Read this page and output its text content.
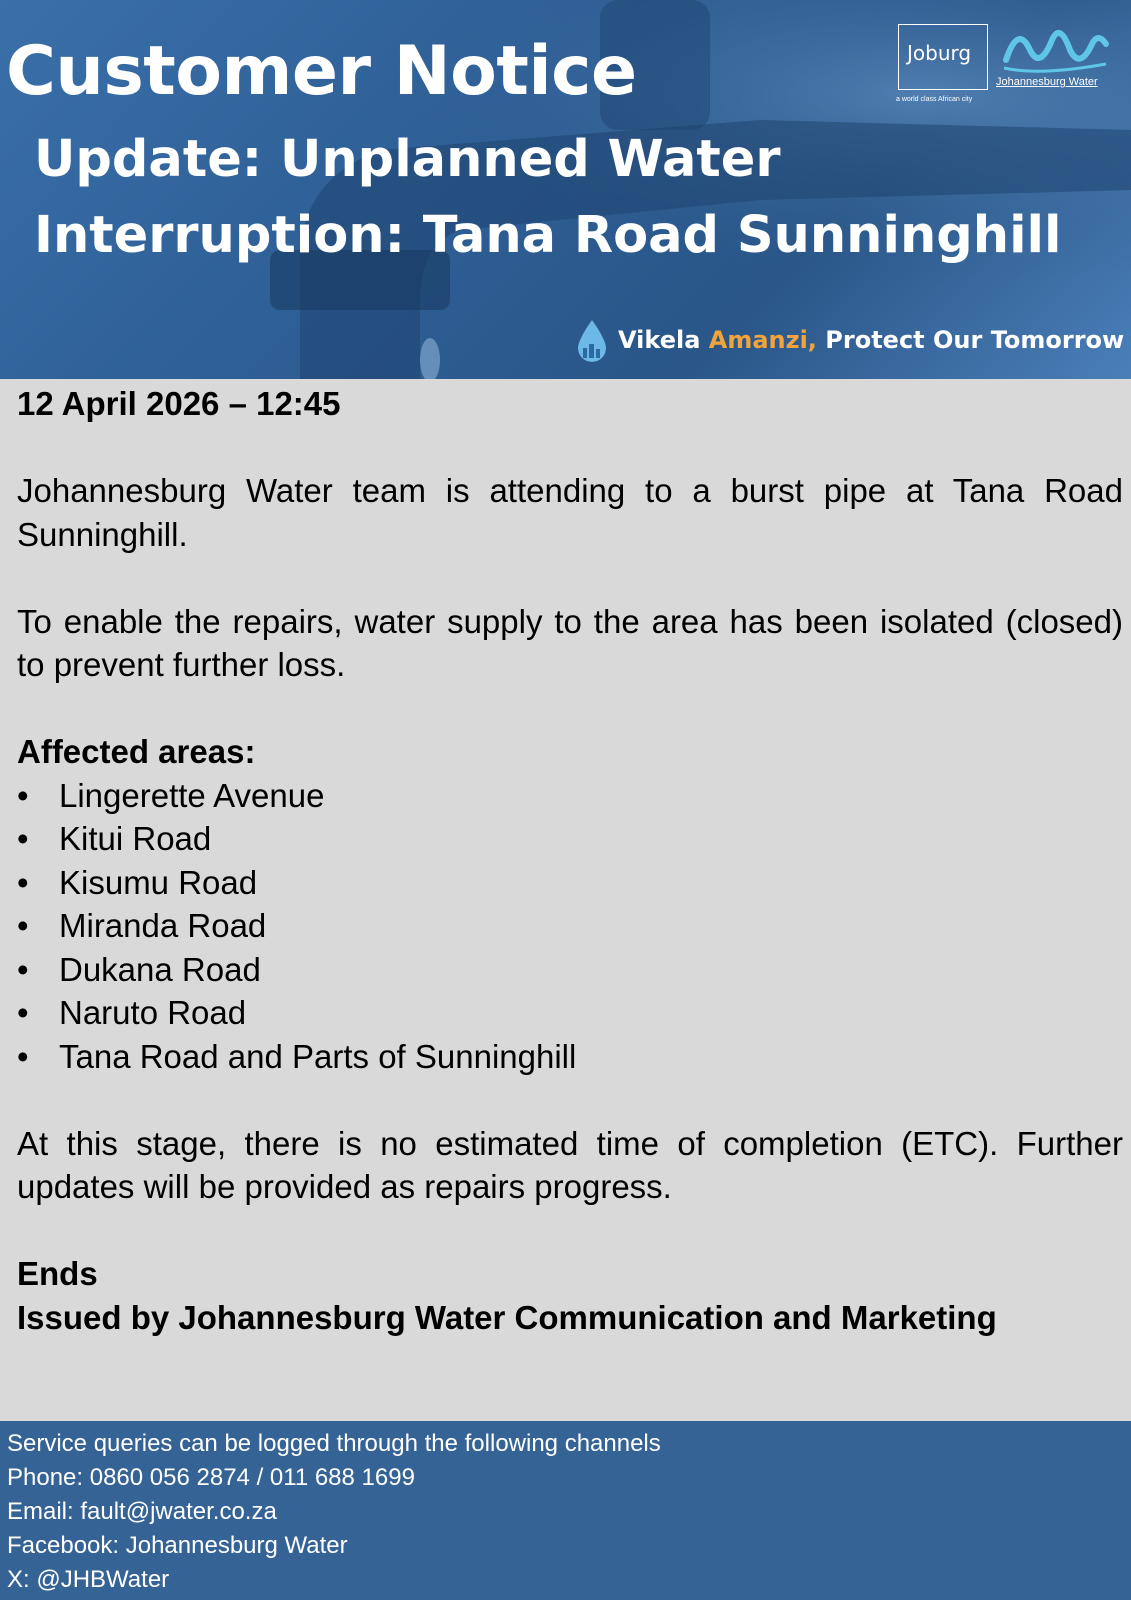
Customer Notice
Update: Unplanned Water Interruption: Tana Road Sunninghill
Joburg
a world class African city
Johannesburg Water
Vikela Amanzi, Protect Our Tomorrow

12 April 2026 – 12:45

Johannesburg Water team is attending to a burst pipe at Tana Road Sunninghill.

To enable the repairs, water supply to the area has been isolated (closed) to prevent further loss.

Affected areas:

• Lingerette Avenue
• Kitui Road
• Kisumu Road
• Miranda Road
• Dukana Road
• Naruto Road
• Tana Road and Parts of Sunninghill

At this stage, there is no estimated time of completion (ETC). Further updates will be provided as repairs progress.

Ends

Issued by Johannesburg Water Communication and Marketing

Service queries can be logged through the following channels

Phone: 0860 056 2874 / 011 688 1699

Email: fault@jwater.co.za

Facebook: Johannesburg Water

X: @JHBWater
